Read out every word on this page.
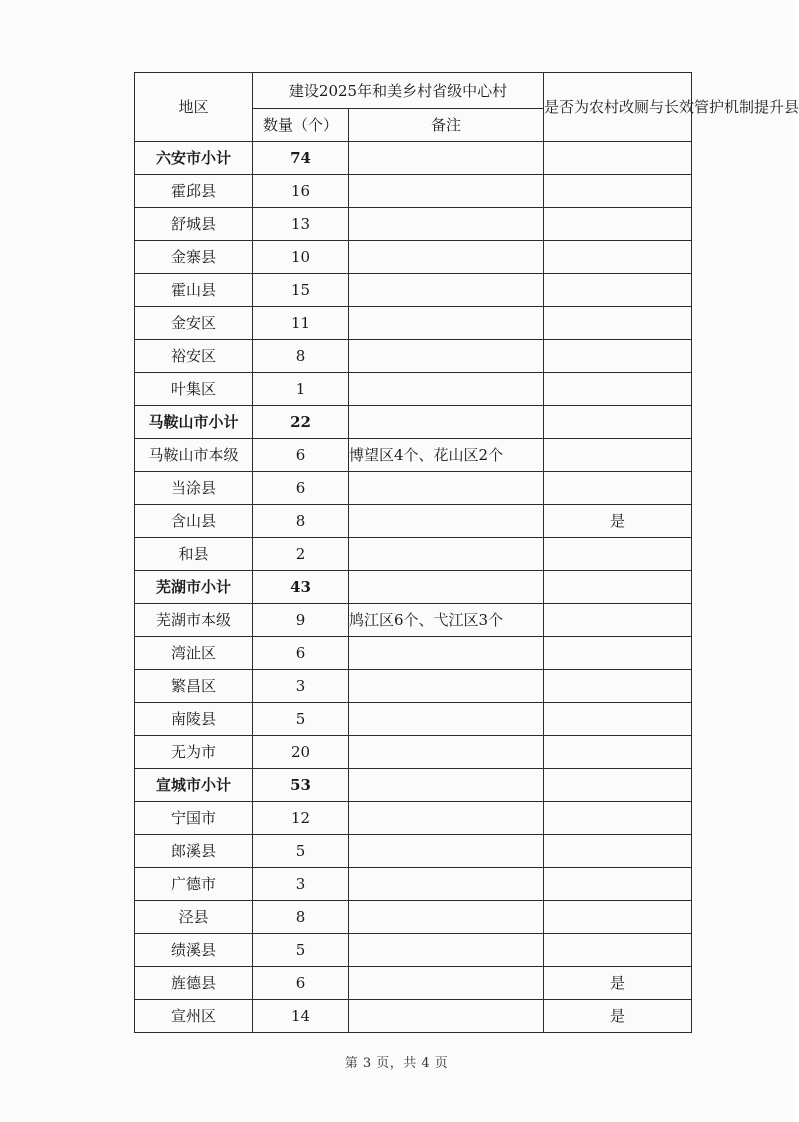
地区	建设2025年和美乡村省级中心村		是否为农村改厕与长效管护机制提升县
	数量（个）	备注	
六安市小计	74		
霍邱县	16		
舒城县	13		
金寨县	10		
霍山县	15		
金安区	11		
裕安区	8		
叶集区	1		
马鞍山市小计	22		
马鞍山市本级	6	博望区4个、花山区2个	
当涂县	6		
含山县	8		是
和县	2		
芜湖市小计	43		
芜湖市本级	9	鸠江区6个、弋江区3个	
湾沚区	6		
繁昌区	3		
南陵县	5		
无为市	20		
宣城市小计	53		
宁国市	12		
郎溪县	5		
广德市	3		
泾县	8		
绩溪县	5		
旌德县	6		是
宣州区	14		是
第 3 页，共 4 页
